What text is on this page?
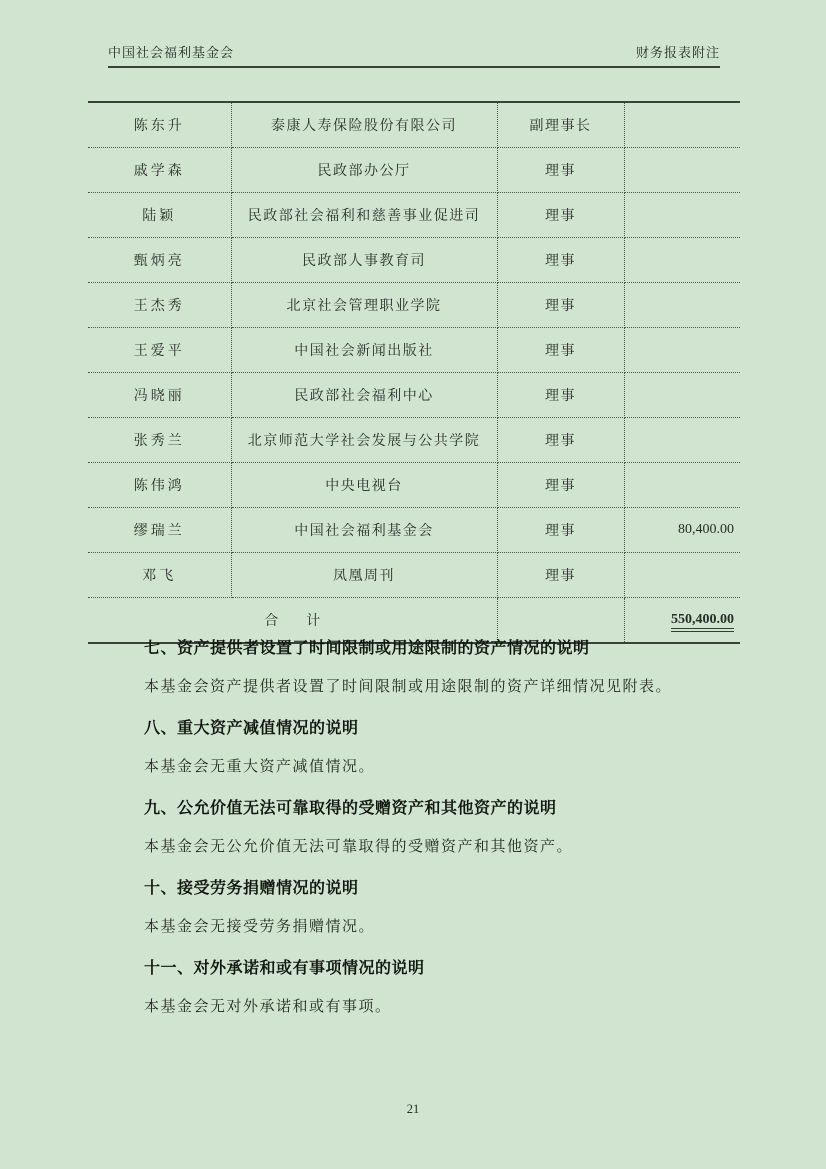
中国社会福利基金会	财务报表附注
陈东升	泰康人寿保险股份有限公司	副理事长	
戚学森	民政部办公厅	理事	
陆颖	民政部社会福利和慈善事业促进司	理事	
甄炳亮	民政部人事教育司	理事	
王杰秀	北京社会管理职业学院	理事	
王爱平	中国社会新闻出版社	理事	
冯晓丽	民政部社会福利中心	理事	
张秀兰	北京师范大学社会发展与公共学院	理事	
陈伟鸿	中央电视台	理事	
缪瑞兰	中国社会福利基金会	理事	80,400.00
邓飞	凤凰周刊	理事	
合　　计			550,400.00
七、资产提供者设置了时间限制或用途限制的资产情况的说明

本基金会资产提供者设置了时间限制或用途限制的资产详细情况见附表。

八、重大资产减值情况的说明

本基金会无重大资产减值情况。

九、公允价值无法可靠取得的受赠资产和其他资产的说明

本基金会无公允价值无法可靠取得的受赠资产和其他资产。

十、接受劳务捐赠情况的说明

本基金会无接受劳务捐赠情况。

十一、对外承诺和或有事项情况的说明

本基金会无对外承诺和或有事项。

21
